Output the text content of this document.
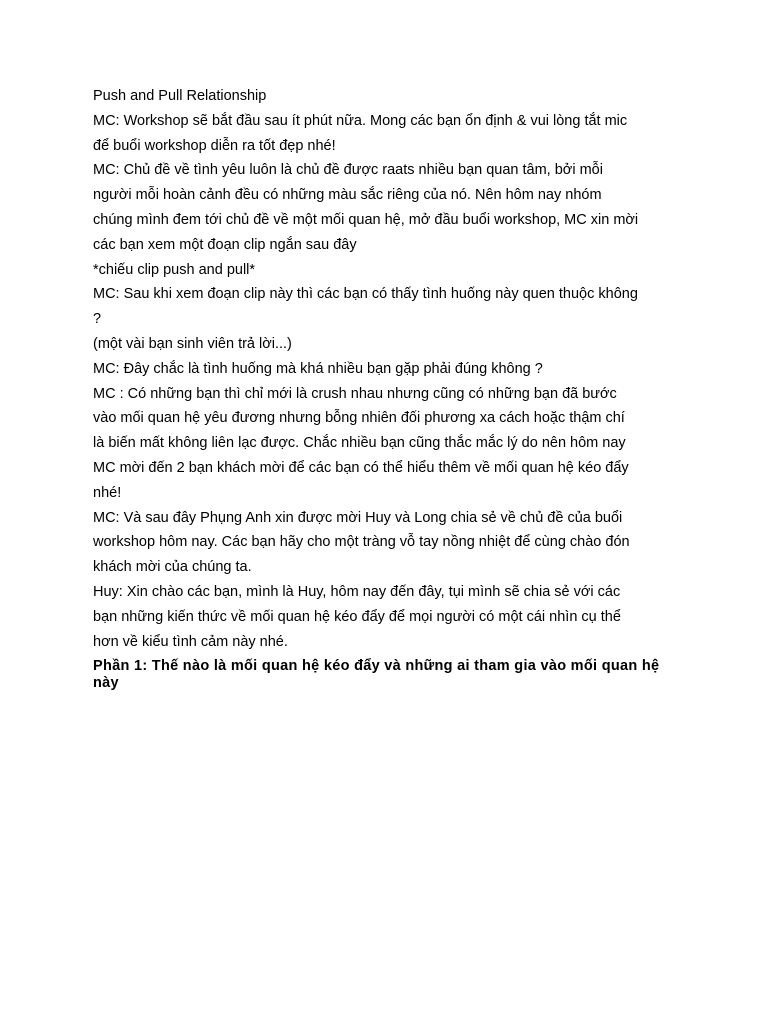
Push and Pull Relationship
MC: Workshop sẽ bắt đầu sau ít phút nữa. Mong các bạn ổn định & vui lòng tắt mic
để buổi workshop diễn ra tốt đẹp nhé!
MC: Chủ đề về tình yêu luôn là chủ đề được raats nhiều bạn quan tâm, bởi mỗi
người mỗi hoàn cảnh đều có những màu sắc riêng của nó. Nên hôm nay nhóm
chúng mình đem tới chủ đề về một mối quan hệ, mở đầu buổi workshop, MC xin mời
các bạn xem một đoạn clip ngắn sau đây
*chiếu clip push and pull*
MC: Sau khi xem đoạn clip này thì các bạn có thấy tình huống này quen thuộc không
?
(một vài bạn sinh viên trả lời...)
MC: Đây chắc là tình huống mà khá nhiều bạn gặp phải đúng không ?
MC : Có những bạn thì chỉ mới là crush nhau nhưng cũng có những bạn đã bước
vào mối quan hệ yêu đương nhưng bỗng nhiên đối phương xa cách hoặc thậm chí
là biến mất không liên lạc được. Chắc nhiều bạn cũng thắc mắc lý do nên hôm nay
MC mời đến 2 bạn khách mời để các bạn có thể hiểu thêm về mối quan hệ kéo đẩy
nhé!
MC: Và sau đây Phụng Anh xin được mời Huy và Long chia sẻ về chủ đề của buổi
workshop hôm nay. Các bạn hãy cho một tràng vỗ tay nồng nhiệt để cùng chào đón
khách mời của chúng ta.
Huy: Xin chào các bạn, mình là Huy, hôm nay đến đây, tụi mình sẽ chia sẻ với các
bạn những kiến thức về mối quan hệ kéo đẩy để mọi người có một cái nhìn cụ thể
hơn về kiểu tình cảm này nhé.
Phần 1: Thế nào là mối quan hệ kéo đẩy và những ai tham gia vào mối quan hệ
này
